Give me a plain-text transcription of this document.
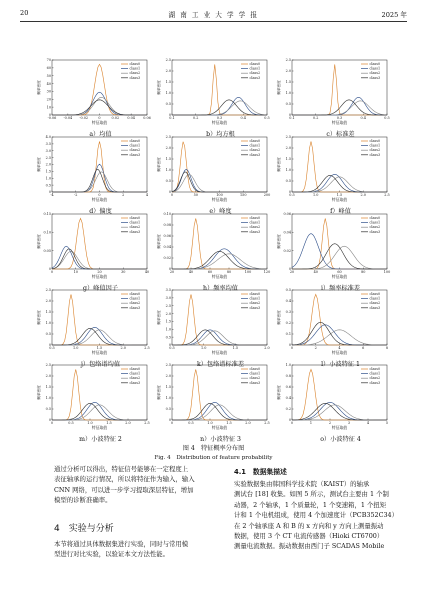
20	湖 南 工 业 大 学 学 报	2025 年
概率密度
0
10
20
30
40
50
60
70
-0.06 -0.04 -0.02	0	0.02 0.04 0.06
特征取值
class0
class1
class2
class3
a）均值
概率密度
0
0.5
1.0
1.5
2.0
2.5
0.1	0.2	0.3	0.4	0.5
特征取值
class0
class1
class2
class3
b）均方根
概率密度
0
0.5
1.0
1.5
2.0
2.5
0.1	0.2	0.3	0.4	0.5
特征取值
class0
class1
class2
class3
c）标准差
概率密度
0
0.5
1.0
1.5
2.0
2.5
3.0
3.5
4.0
-4	-2	0	2	4
特征取值
class0
class1
class2
class3
d）偏度
概率密度
0
0.5
1.0
1.5
2.0
2.5
0	50	100	150	200
特征取值
class0
class1
class2
class3
e）峰度
概率密度
0
0.5
1.0
1.5
2.0
2.5
0.5	1.0	1.5	2.0	2.5
特征取值
class0
class1
class2
class3
f）峰值
概率密度
0
0.05
0.10
0.15
0	10	20	30	40
特征取值
class0
class1
class2
class3
g）峰值因子
概率密度
0
0.02
0.04
0.06
0.08
0.10
20	40	60	80	100	120
特征取值
class0
class1
class2
class3
h）频率均值
概率密度
0
0.02
0.04
0.06
20	40	60	80	100
特征取值
class0
class1
class2
class3
i）频率标准差
概率密度
0
0.5
1.0
1.5
2.0
2.5
0.5	1.0	1.5	2.0	2.5
特征取值
class0
class1
class2
class3
j）包络谱均值
概率密度
0
0.5
1.0
1.5
2.0
2.5
3.0
3.5
0.5	1.0	1.5	2.0
特征取值
class0
class1
class2
class3
k）包络谱标准差
概率密度
0
0.1
0.2
0.3
0.4
0.5
0	2	4	6	8
特征取值
class0
class1
class2
class3
l）小波特征 1
概率密度
0
0.5
1.0
1.5
2.0
2.5
0	0.5	1.0	1.5	2.0	2.5
特征取值
class0
class1
class2
class3
m）小波特征 2
概率密度
0
0.5
1.0
1.5
2.0
2.5
0	0.5	1.0	1.5	2.0	2.5
特征取值
class0
class1
class2
class3
n）小波特征 3
概率密度
0
0.2
0.4
0.6
0.8
1.0
0	1	2	3	4	5
特征取值
class0
class1
class2
class3
o）小波特征 4
图 4　特征概率分布图
Fig. 4　Distribution of feature probability
通过分析可以得出，特征信号能够在一定程度上
表征轴承的运行情况，所以将特征作为输入，输入
CNN 网络，可以进一步学习提取深层特征，增加
模型的诊断准确率。
4　实验与分析
本节将通过具体数据集进行实验，同时与常用模
型进行对比实验，以验证本文方法性能。
4.1　数据集描述
实验数据集由韩国科学技术院（KAIST）的轴承
测试台 [18] 收集。如图 5 所示，测试台主要由 1 个制
动器，2 个轴承，1 个质量轮，1 个变速箱，1 个扭矩
计和 1 个电机组成，使用 4 个加速度计（PCB352C34）
在 2 个轴承座 A 和 B 的 x 方向和 y 方向上测量振动
数据，使用 3 个 CT 电流传感器（Hioki CT6700）
测量电流数据。振动数据由西门子 SCADAS Mobile
